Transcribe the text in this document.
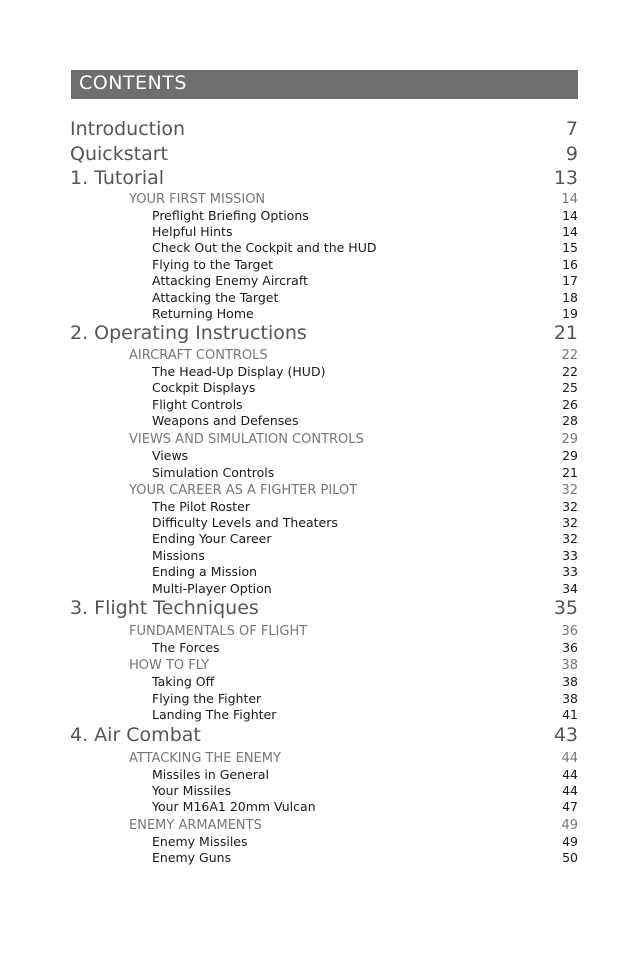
CONTENTS
Introduction	7
Quickstart	9
1. Tutorial	13
YOUR FIRST MISSION	14
Preflight Briefing Options	14
Helpful Hints	14
Check Out the Cockpit and the HUD	15
Flying to the Target	16
Attacking Enemy Aircraft	17
Attacking the Target	18
Returning Home	19
2. Operating Instructions	21
AIRCRAFT CONTROLS	22
The Head-Up Display (HUD)	22
Cockpit Displays	25
Flight Controls	26
Weapons and Defenses	28
VIEWS AND SIMULATION CONTROLS	29
Views	29
Simulation Controls	21
YOUR CAREER AS A FIGHTER PILOT	32
The Pilot Roster	32
Difficulty Levels and Theaters	32
Ending Your Career	32
Missions	33
Ending a Mission	33
Multi-Player Option	34
3. Flight Techniques	35
FUNDAMENTALS OF FLIGHT	36
The Forces	36
HOW TO FLY	38
Taking Off	38
Flying the Fighter	38
Landing The Fighter	41
4. Air Combat	43
ATTACKING THE ENEMY	44
Missiles in General	44
Your Missiles	44
Your M16A1 20mm Vulcan	47
ENEMY ARMAMENTS	49
Enemy Missiles	49
Enemy Guns	50
